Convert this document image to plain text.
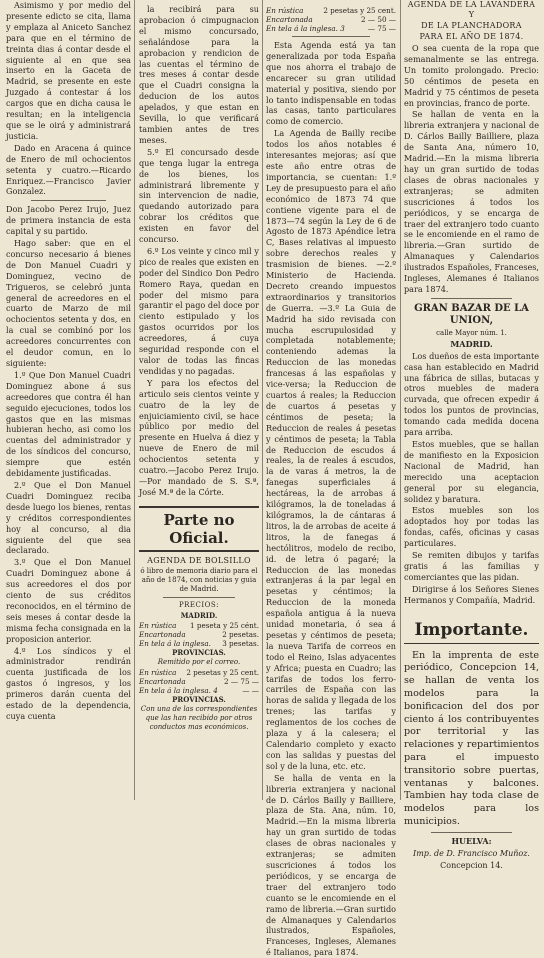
Asimismo y por medio del presente edicto se cita, llama y emplaza al Aniceto Sanchez para que en el término de treinta dias á contar desde el siguiente al en que sea inserto en la Gaceta de Madrid, se presente en este Juzgado á contestar á los cargos que en dicha causa le resultan; en la inteligencia que se le oirá y administrará justicia.

Dado en Aracena á quince de Enero de mil ochocientos setenta y cuatro.—Ricardo Enriquez.—Francisco Javier Gonzalez.

Don Jacobo Perez Irujo, Juez de primera instancia de esta capital y su partido.

Hago saber: que en el concurso necesario á bienes de Don Manuel Cuadri y Dominguez, vecino de Trigueros, se celebró junta general de acreedores en el cuarto de Marzo de mil ochocientos setenta y dos, en la cual se combinó por los acreedores concurrentes con el deudor comun, en lo siguiente:

1.º Que Don Manuel Cuadri Dominguez abone á sus acreedores que contra él han seguido ejecuciones, todos los gastos que en las mismas hubieran hecho, asi como los cuentas del administrador y de los síndicos del concurso, siempre que estén debidamente justificadas.

2.º Que el Don Manuel Cuadri Dominguez reciba desde luego los bienes, rentas y créditos correspondientes hoy al concurso, al dia siguiente del que sea declarado.

3.º Que el Don Manuel Cuadri Dominguez abone á sus acreedores el dos por ciento de sus créditos reconocidos, en el término de seis meses á contar desde la misma fecha consignada en la proposicion anterior.

4.º Los síndicos y el administrador rendirán cuenta justificada de los gastos ó ingresos, y los primeros darán cuenta del estado de la dependencia, cuya cuenta

la recibirá para su aprobacion ó cimpugnacion el mismo concursado, señalándose para la aprobacion y rendicion de las cuentas el término de tres meses á contar desde que el Cuadri consigna la deducion de los autos apelados, y que estan en Sevilla, lo que verificará tambien antes de tres meses.

5.º El concursado desde que tenga lugar la entrega de los bienes, los administrará libremente y sin intervencion de nadie, quedando autorizado para cobrar los créditos que existen en favor del concurso.

6.º Los veinte y cinco mil y pico de reales que existen en poder del Sindico Don Pedro Romero Raya, quedan en poder del mismo para garantir el pago del doce por ciento estipulado y los gastos ocurridos por los acreedores, á cuya seguridad responde con el valor de todas las fincas vendidas y no pagadas.

Y para los efectos del articulo seis cientos veinte y cuatro de la ley de enjuiciamiento civil, se hace público por medio del presente en Huelva á diez y nueve de Enero de mil ochocientos setenta y cuatro.—Jacobo Perez Irujo.—Por mandado de S. S.ª, José M.ª de la Córte.

Parte no Oficial.

AGENDA DE BOLSILLO

ó libro de memoria diario para el año de 1874, con noticias y guia de Madrid.

PRECIOS:

MADRID.

En rústica 1 peseta y 25 cént.
Encartonada	2 pesetas.
En tela á la inglesa. 3 pesetas.

PROVINCIAS.

Remitido por el correo.

En rústica 2 pesetas y 25 cent.
Encartonada	2 — 75 —
En tela á la inglesa. 4	— —

PROVINCIAS.

Con una de las correspondientes que las han recibido por otros conductos mas económicos.

En rústica	2 pesetas y 25 cent.
Encartonada	2 — 50 —
En tela á la inglesa. 3	— 75 —

Esta Agenda está ya tan generalizada por toda España que nos ahorra el trabajo de encarecer su gran utilidad material y positiva, siendo por lo tanto indispensable en todas las casas, tanto particulares como de comercio.

La Agenda de Bailly recibe todos los años notables é interesantes mejoras; así que este año entre otras de importancia, se cuentan: 1.º Ley de presupuesto para el año económico de 1873 74 que contiene vigente para el de 1873—74 según la Ley de 6 de Agosto de 1873 Apéndice letra C, Bases relativas al impuesto sobre derechos reales y trasmision de bienes. —2.º Ministerio de Hacienda. Decreto creando impuestos extraordinarios y transitorios de Guerra. —3.º La Guia de Madrid ha sido revisada con mucha escrupulosidad y completada notablemente; conteniendo ademas la Reduccion de las monedas francesas á las españolas y vice-versa; la Reduccion de cuartos á reales; la Reduccion de cuartos á pesetas y céntimos de peseta; la Reduccion de reales á pesetas y céntimos de peseta; la Tabla de Reduccion de escudos á reales, la de reales á escudos, la de varas á metros, la de fanegas superficiales á hectáreas, la de arrobas á kilógramos, la de toneladas á kilógramos, la de cántaras á litros, la de arrobas de aceite á litros, la de fanegas á hectólitros, modelo de recibo, id. de letra ó pagaré; la Reduccion de las monedas extranjeras á la par legal en pesetas y céntimos; la Reduccion de la moneda española antigua á la nueva unidad monetaria, ó sea á pesetas y céntimos de peseta; la nueva Tarifa de correos en todo el Reino, Islas adyacentes y Africa; puesta en Cuadro; las tarifas de todos los ferro-carriles de España con las horas de salida y llegada de los trenes; las tarifas y reglamentos de los coches de plaza y á la calesera; el Calendario completo y exacto con las salidas y puestas del sol y de la luna, etc. etc.

Se halla de venta en la libreria extranjera y nacional de D. Cárlos Bailly y Bailliere, plaza de Sta. Ana, núm. 10, Madrid.—En la misma libreria hay un gran surtido de todas clases de obras nacionales y extranjeras; se admiten suscriciones á todos los periódicos, y se encarga de traer del extranjero todo cuanto se le encomiende en el ramo de libreria.—Gran surtido de Almanaques y Calendarios ilustrados, Españoles, Franceses, Ingleses, Alemanes é Italianos, para 1874.

AGENDA DE LA LAVANDERA Y

DE LA PLANCHADORA

PARA EL AÑO DE 1874.

O sea cuenta de la ropa que semanalmente se las entrega. Un tomito prolongado. Precio: 50 céntimos de peseta en Madrid y 75 céntimos de peseta en provincias, franco de porte.

Se hallan de venta en la libreria extranjera y nacional de D. Cárlos Bailly Bailliere, plaza de Santa Ana, número 10, Madrid.—En la misma libreria hay un gran surtido de todas clases de obras nacionales y extranjeras; se admiten suscriciones á todos los periódicos, y se encarga de traer del extranjero todo cuanto se le encomiende en el ramo de libreria.—Gran surtido de Almanaques y Calendarios ilustrados Españoles, Franceses, Ingleses, Alemanes é Italianos para 1874.

GRAN BAZAR DE LA UNION,

calle Mayor núm. 1.

MADRID.

Los dueños de esta importante casa han establecido en Madrid una fábrica de sillas, butacas y otros muebles de madera curvada, que ofrecen expedir á todos los puntos de provincias, tomando cada medida docena para arriba.

Estos muebles, que se hallan de manifiesto en la Exposicion Nacional de Madrid, han merecido una aceptacion general por su elegancia, solidez y baratura.

Estos muebles son los adoptados hoy por todas las fondas, cafés, oficinas y casas particulares.

Se remiten dibujos y tarifas gratis á las familias y comerciantes que las pidan.

Dirigirse á los Señores Sienes Hermanos y Compañía, Madrid.

Importante.

En la imprenta de este periódico, Concepcion 14, se hallan de venta los modelos para la bonificacion del dos por ciento á los contribuyentes por territorial y las relaciones y repartimientos para el impuesto transitorio sobre puertas, ventanas y balcones. Tambien hay toda clase de modelos para los municipios.

HUELVA:

Imp. de D. Francisco Muñoz.

Concepcion 14.
